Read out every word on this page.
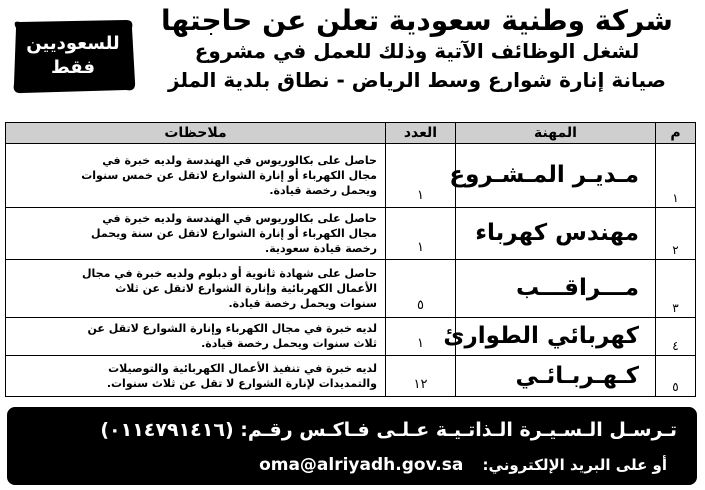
شركة وطنية سعودية تعلن عن حاجتها
لشغل الوظائف الآتية وذلك للعمل في مشروع
صيانة إنارة شوارع وسط الرياض - نطاق بلدية الملز
للسعوديين
فقط
م	المهنة	العدد	ملاحظات
١	مـديـر المـشـروع	١	حاصل على بكالوريوس في الهندسة ولديه خبرة في مجال الكهرباء أو إنارة الشوارع لاتقل عن خمس سنوات ويحمل رخصة قيادة.
٢	مهندس كهرباء	١	حاصل على بكالوريوس في الهندسة ولديه خبرة في مجال الكهرباء أو إنارة الشوارع لاتقل عن سنة ويحمل رخصة قيادة سعودية.
٣	مـــراقـــب	٥	حاصل على شهادة ثانوية أو دبلوم ولديه خبرة في مجال الأعمال الكهربائية وإنارة الشوارع لاتقل عن ثلاث سنوات ويحمل رخصة قيادة.
٤	كهربائي الطوارئ	١	لديه خبرة في مجال الكهرباء وإنارة الشوارع لاتقل عن ثلاث سنوات ويحمل رخصة قيادة.
٥	كـهـربـائـي	١٢	لديه خبرة في تنفيذ الأعمال الكهربائية والتوصيلات والتمديدات لإنارة الشوارع لا تقل عن ثلاث سنوات.
تـرسـل الـسـيـرة الـذاتـيـة عـلـى فـاكـس رقـم: (٠١١٤٧٩١٤١٦)
أو على البريد الإلكتروني: oma@alriyadh.gov.sa
